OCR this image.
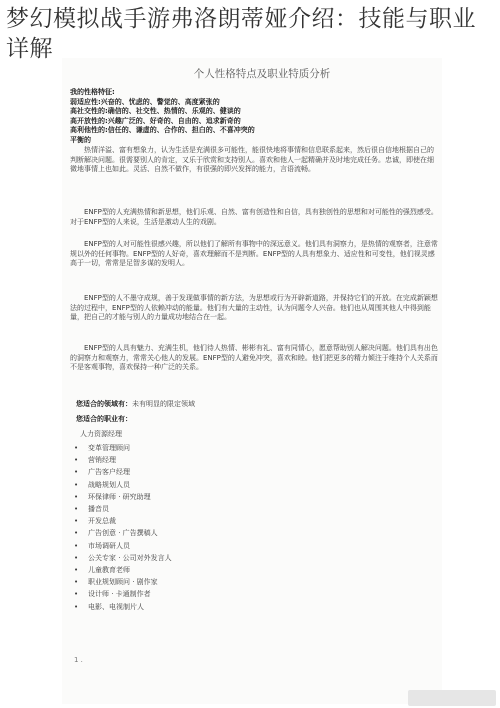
梦幻模拟战手游弗洛朗蒂娅介绍：技能与职业详解
个人性格特点及职业特质分析
我的性格特征:
弱适应性:兴奋的、忧虑的、警觉的、高度紧张的
高社交性的:确信的、社交性、热情的、乐观的、健谈的
高开放性的:兴趣广泛的、好奇的、自由的、追求新奇的
高利他性的:信任的、谦虚的、合作的、担白的、不喜冲突的
平衡的

热情洋溢、富有想象力，认为生活是充满很多可能性，能很快地将事情和信息联系起来，然后很自信地根据自己的判断解决问题。很需要别人的肯定，又乐于欣赏和支持别人。喜欢和他人一起精确并及时地完成任务。忠诚，即使在细微地事情上也如此。灵活、自然不做作，有很强的即兴发挥的能力，言语流畅。

ENFP型的人充满热情和新思想，他们乐观、自然、富有创造性和自信，具有独创性的思想和对可能性的强烈感受。对于ENFP型的人来说，生活是激动人生的戏剧。

ENFP型的人对可能性很感兴趣，所以他们了解所有事物中的深远意义。他们具有洞察力，是热情的观察者，注意常规以外的任何事物。ENFP型的人好奇，喜欢理解而不是判断。ENFP型的人具有想象力、适应性和可变性，他们视灵感高于一切，常常是足智多谋的发明人。

ENFP型的人不墨守成规，善于发现做事情的新方法，为思想或行为开辟新道路，并保持它们的开放。在完成新颖想法的过程中，ENFP型的人依赖冲动的能量。他们有大量的主动性，认为问题令人兴奋。他们也从周围其他人中得到能量，把自己的才能与别人的力量成功地结合在一起。

ENFP型的人具有魅力、充满生机，他们待人热情、彬彬有礼、富有同情心，愿意帮助别人解决问题。他们具有出色的洞察力和观察力，常常关心他人的发展。ENFP型的人避免冲突，喜欢和睦。他们把更多的精力倾注于维持个人关系而不是客观事物，喜欢保持一种广泛的关系。

您适合的领域有：未有明显的限定领域
您适合的职业有：
人力资源经理
•	变革管理顾问
•	营销经理
•	广告客户经理
•	战略规划人员
•	环保律师 · 研究助理
•	播音员
•	开发总裁
•	广告创意 · 广告撰稿人
•	市场调研人员
•	公关专家 · 公司对外发言人
•	儿童教育老师
•	职业规划顾问 · 剧作家
•	设计师 · 卡通制作者
•	电影、电视制片人
1 .
